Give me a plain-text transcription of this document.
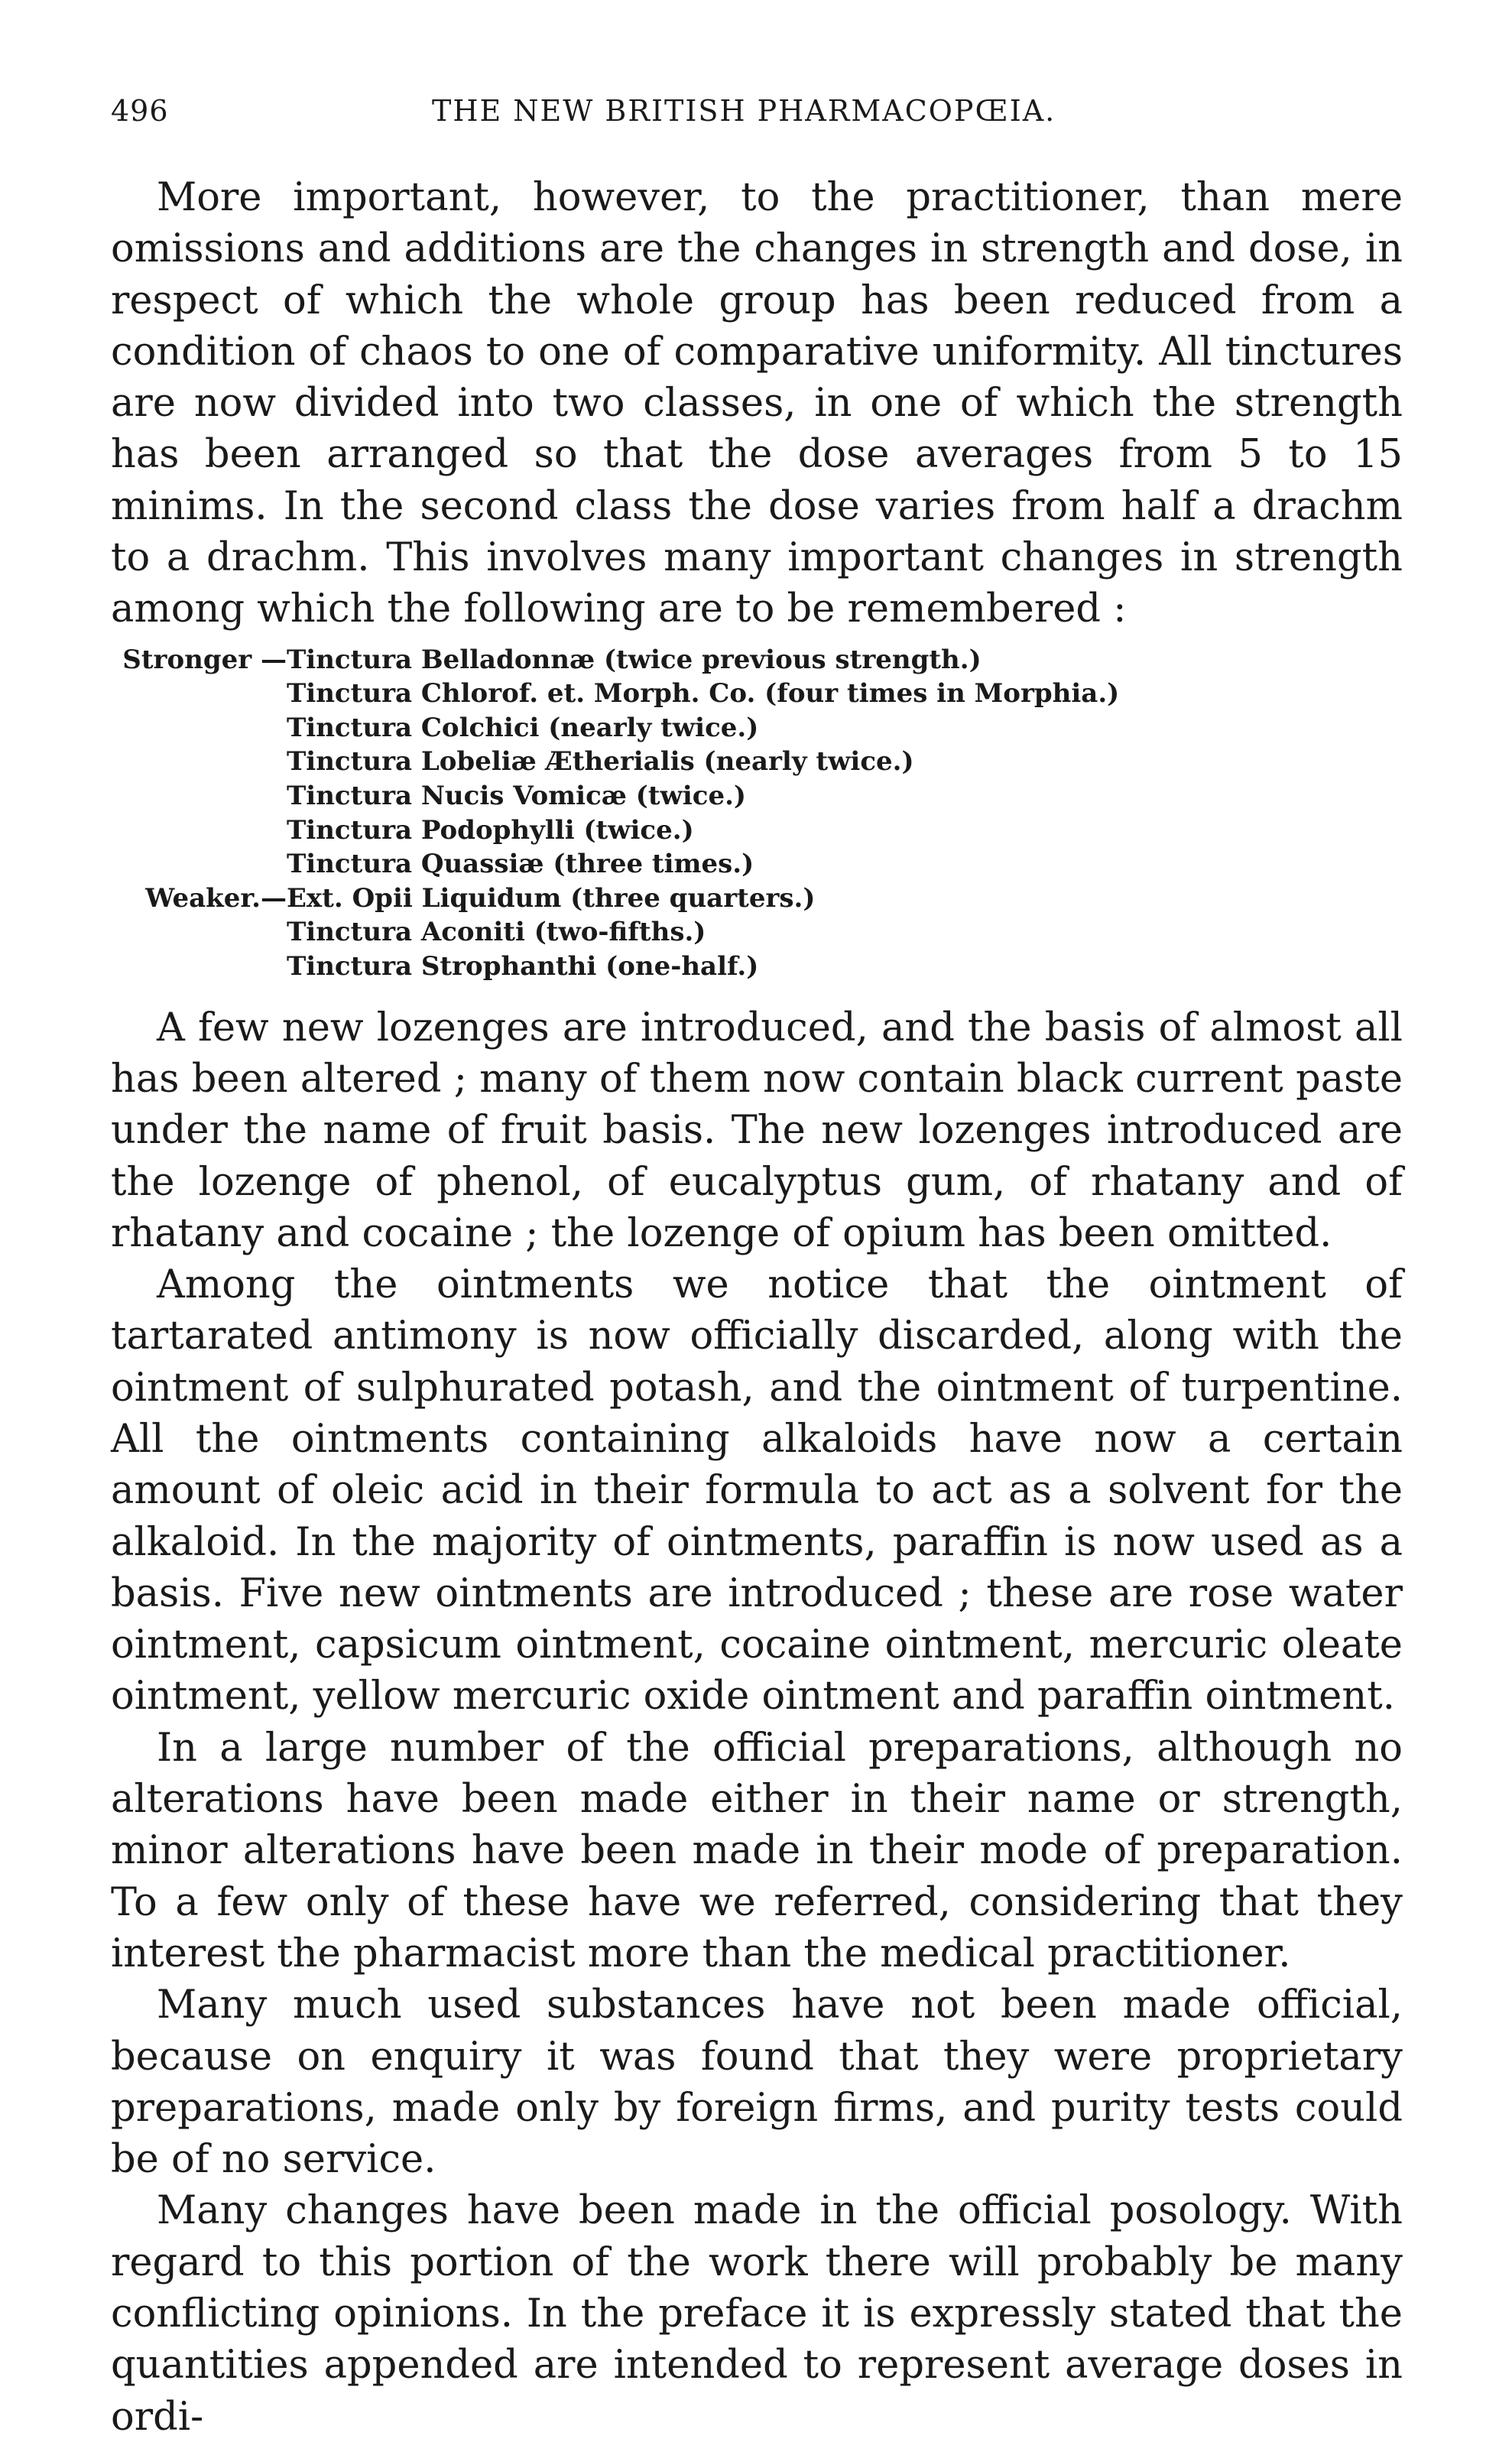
496	THE NEW BRITISH PHARMACOPŒIA.

More important, however, to the practitioner, than mere omissions and additions are the changes in strength and dose, in respect of which the whole group has been reduced from a condition of chaos to one of comparative uniformity. All tinctures are now divided into two classes, in one of which the strength has been arranged so that the dose averages from 5 to 15 minims. In the second class the dose varies from half a drachm to a drachm. This involves many important changes in strength among which the following are to be remembered :

Stronger — Tinctura Belladonnæ (twice previous strength.)
Tinctura Chlorof. et. Morph. Co. (four times in Morphia.)
Tinctura Colchici (nearly twice.)
Tinctura Lobeliæ Ætherialis (nearly twice.)
Tinctura Nucis Vomicæ (twice.)
Tinctura Podophylli (twice.)
Tinctura Quassiæ (three times.)
Weaker.— Ext. Opii Liquidum (three quarters.)
Tinctura Aconiti (two-fifths.)
Tinctura Strophanthi (one-half.)

A few new lozenges are introduced, and the basis of almost all has been altered ; many of them now contain black current paste under the name of fruit basis. The new lozenges introduced are the lozenge of phenol, of eucalyptus gum, of rhatany and of rhatany and cocaine ; the lozenge of opium has been omitted.

Among the ointments we notice that the ointment of tartarated antimony is now officially discarded, along with the ointment of sulphurated potash, and the ointment of turpentine. All the ointments containing alkaloids have now a certain amount of oleic acid in their formula to act as a solvent for the alkaloid. In the majority of ointments, paraffin is now used as a basis. Five new ointments are introduced ; these are rose water ointment, capsicum ointment, cocaine ointment, mercuric oleate ointment, yellow mercuric oxide ointment and paraffin ointment.

In a large number of the official preparations, although no alterations have been made either in their name or strength, minor alterations have been made in their mode of preparation. To a few only of these have we referred, considering that they interest the pharmacist more than the medical practitioner.

Many much used substances have not been made official, because on enquiry it was found that they were proprietary preparations, made only by foreign firms, and purity tests could be of no service.

Many changes have been made in the official posology. With regard to this portion of the work there will probably be many conflicting opinions. In the preface it is expressly stated that the quantities appended are intended to represent average doses in ordi-
